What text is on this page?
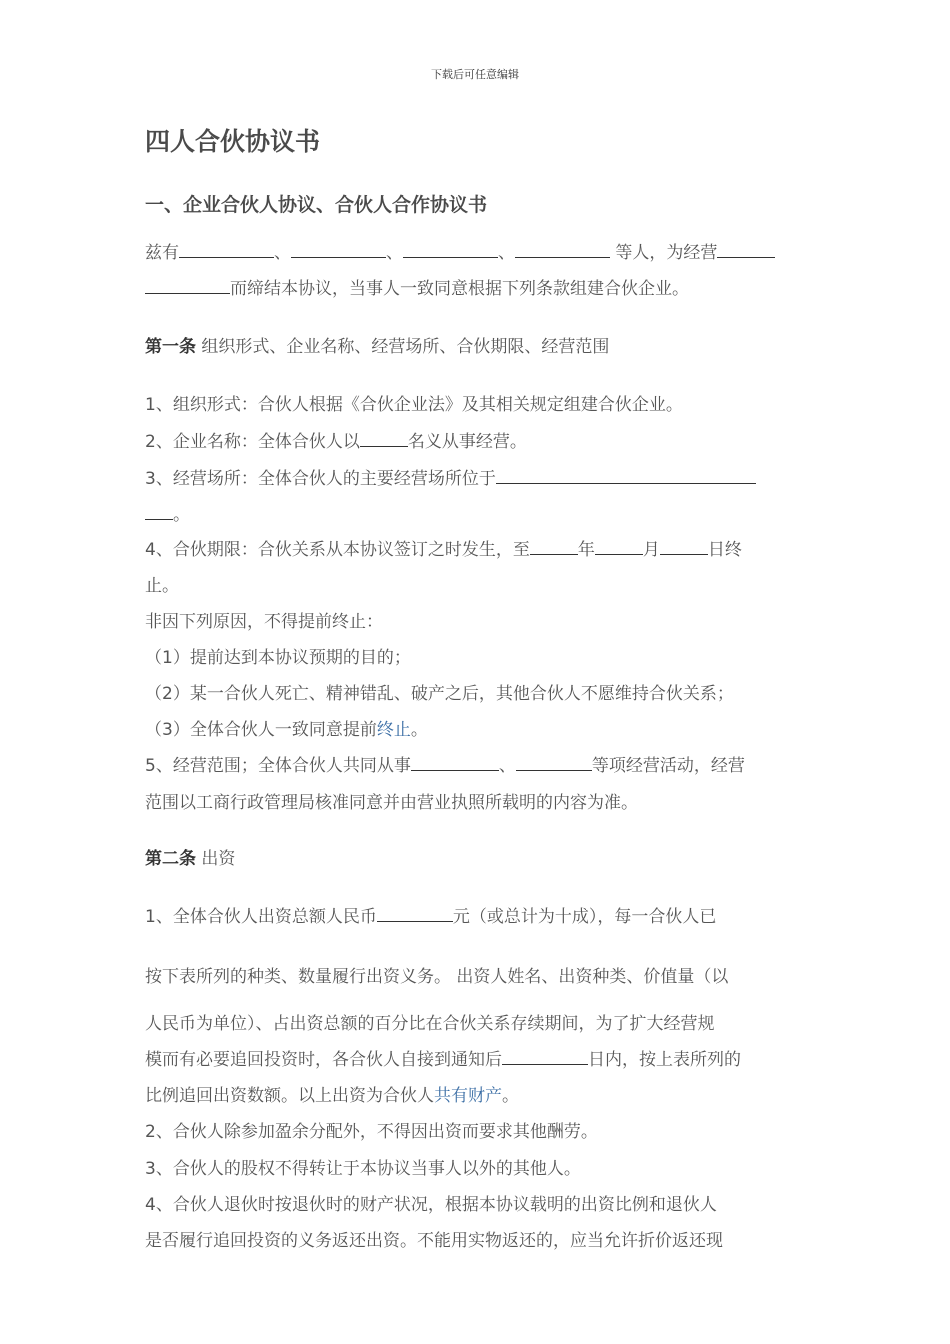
下载后可任意编辑
四人合伙协议书
一、企业合伙人协议、合伙人合作协议书
兹有	、	、	、	等人，为经营
而缔结本协议，当事人一致同意根据下列条款组建合伙企业。
第一条 组织形式、企业名称、经营场所、合伙期限、经营范围
1、组织形式：合伙人根据《合伙企业法》及其相关规定组建合伙企业。
2、企业名称：全体合伙人以	名义从事经营。
3、经营场所：全体合伙人的主要经营场所位于
。
4、合伙期限：合伙关系从本协议签订之时发生，至	年	月	日终
止。
非因下列原因，不得提前终止：
（1）提前达到本协议预期的目的；
（2）某一合伙人死亡、精神错乱、破产之后，其他合伙人不愿维持合伙关系；
（3）全体合伙人一致同意提前终止。
5、经营范围；全体合伙人共同从事	、	等项经营活动，经营
范围以工商行政管理局核准同意并由营业执照所载明的内容为准。
第二条 出资
1、全体合伙人出资总额人民币	元（或总计为十成），每一合伙人已
按下表所列的种类、数量履行出资义务。 出资人姓名、出资种类、价值量（以
人民币为单位）、占出资总额的百分比在合伙关系存续期间，为了扩大经营规
模而有必要追回投资时，各合伙人自接到通知后	日内，按上表所列的
比例追回出资数额。以上出资为合伙人共有财产。
2、合伙人除参加盈余分配外，不得因出资而要求其他酬劳。
3、合伙人的股权不得转让于本协议当事人以外的其他人。
4、合伙人退伙时按退伙时的财产状况，根据本协议载明的出资比例和退伙人
是否履行追回投资的义务返还出资。不能用实物返还的，应当允许折价返还现
